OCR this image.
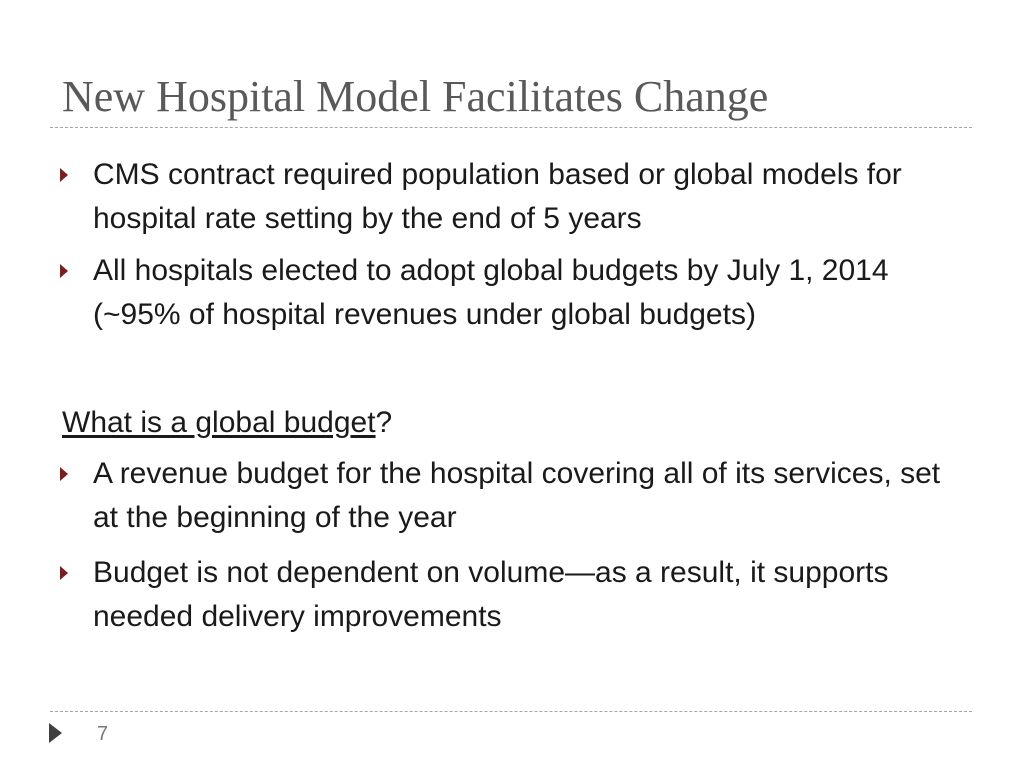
New Hospital Model Facilitates Change
CMS contract required population based or global models for hospital rate setting by the end of 5 years
All hospitals elected to adopt global budgets by July 1, 2014 (~95% of hospital revenues under global budgets)
What is a global budget?
A revenue budget for the hospital covering all of its services, set at the beginning of the year
Budget is not dependent on volume—as a result, it supports needed delivery improvements
7
